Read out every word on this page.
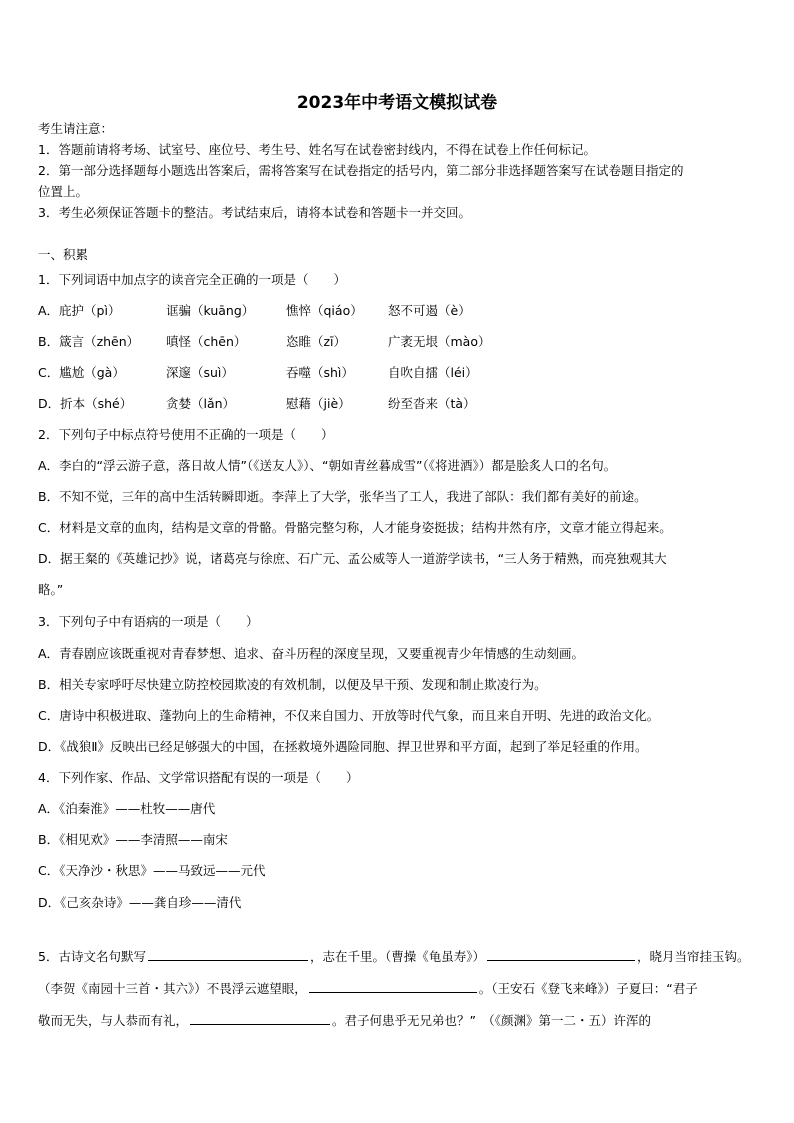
2023年中考语文模拟试卷
考生请注意：
1．答题前请将考场、试室号、座位号、考生号、姓名写在试卷密封线内，不得在试卷上作任何标记。
2．第一部分选择题每小题选出答案后，需将答案写在试卷指定的括号内，第二部分非选择题答案写在试卷题目指定的
位置上。
3．考生必须保证答题卡的整洁。考试结束后，请将本试卷和答题卡一并交回。
一、积累
1．下列词语中加点字的读音完全正确的一项是（　　）
A．庇护（pì）	诓骗（kuāng）	憔悴（qiáo） 怒不可遏（è）
B．箴言（zhēn） 嗔怪（chēn）	恣睢（zī）	广袤无垠（mào）
C．尴尬（gà）	深邃（suì）	吞噬（shì）	自吹自擂（léi）
D．折本（shé）	贪婪（lǎn）	慰藉（jiè）	纷至沓来（tà）
2．下列句子中标点符号使用不正确的一项是（　　）
A．李白的“浮云游子意，落日故人情”（《送友人》）、“朝如青丝暮成雪”（《将进酒》）都是脍炙人口的名句。
B．不知不觉，三年的高中生活转瞬即逝。李萍上了大学，张华当了工人，我进了部队：我们都有美好的前途。
C．材料是文章的血肉，结构是文章的骨骼。骨骼完整匀称，人才能身姿挺拔；结构井然有序，文章才能立得起来。
D．据王粲的《英雄记抄》说，诸葛亮与徐庶、石广元、孟公威等人一道游学读书，“三人务于精熟，而亮独观其大
略。”
3．下列句子中有语病的一项是（　　）
A．青春剧应该既重视对青春梦想、追求、奋斗历程的深度呈现，又要重视青少年情感的生动刻画。
B．相关专家呼吁尽快建立防控校园欺凌的有效机制，以便及早干预、发现和制止欺凌行为。
C．唐诗中积极进取、蓬勃向上的生命精神，不仅来自国力、开放等时代气象，而且来自开明、先进的政治文化。
D．《战狼Ⅱ》反映出已经足够强大的中国，在拯救境外遇险同胞、捍卫世界和平方面，起到了举足轻重的作用。
4．下列作家、作品、文学常识搭配有误的一项是（　　）
A．《泊秦淮》——杜牧——唐代
B．《相见欢》——李清照——南宋
C．《天净沙・秋思》——马致远——元代
D．《己亥杂诗》——龚自珍——清代
5．古诗文名句默写	，志在千里。（曹操《龟虽寿》）	，晓月当帘挂玉钩。
（李贺《南园十三首・其六》）不畏浮云遮望眼，	。（王安石《登飞来峰》）子夏曰：“君子
敬而无失，与人恭而有礼，	。君子何患乎无兄弟也？”　（《颜渊》第一二・五）许浑的
